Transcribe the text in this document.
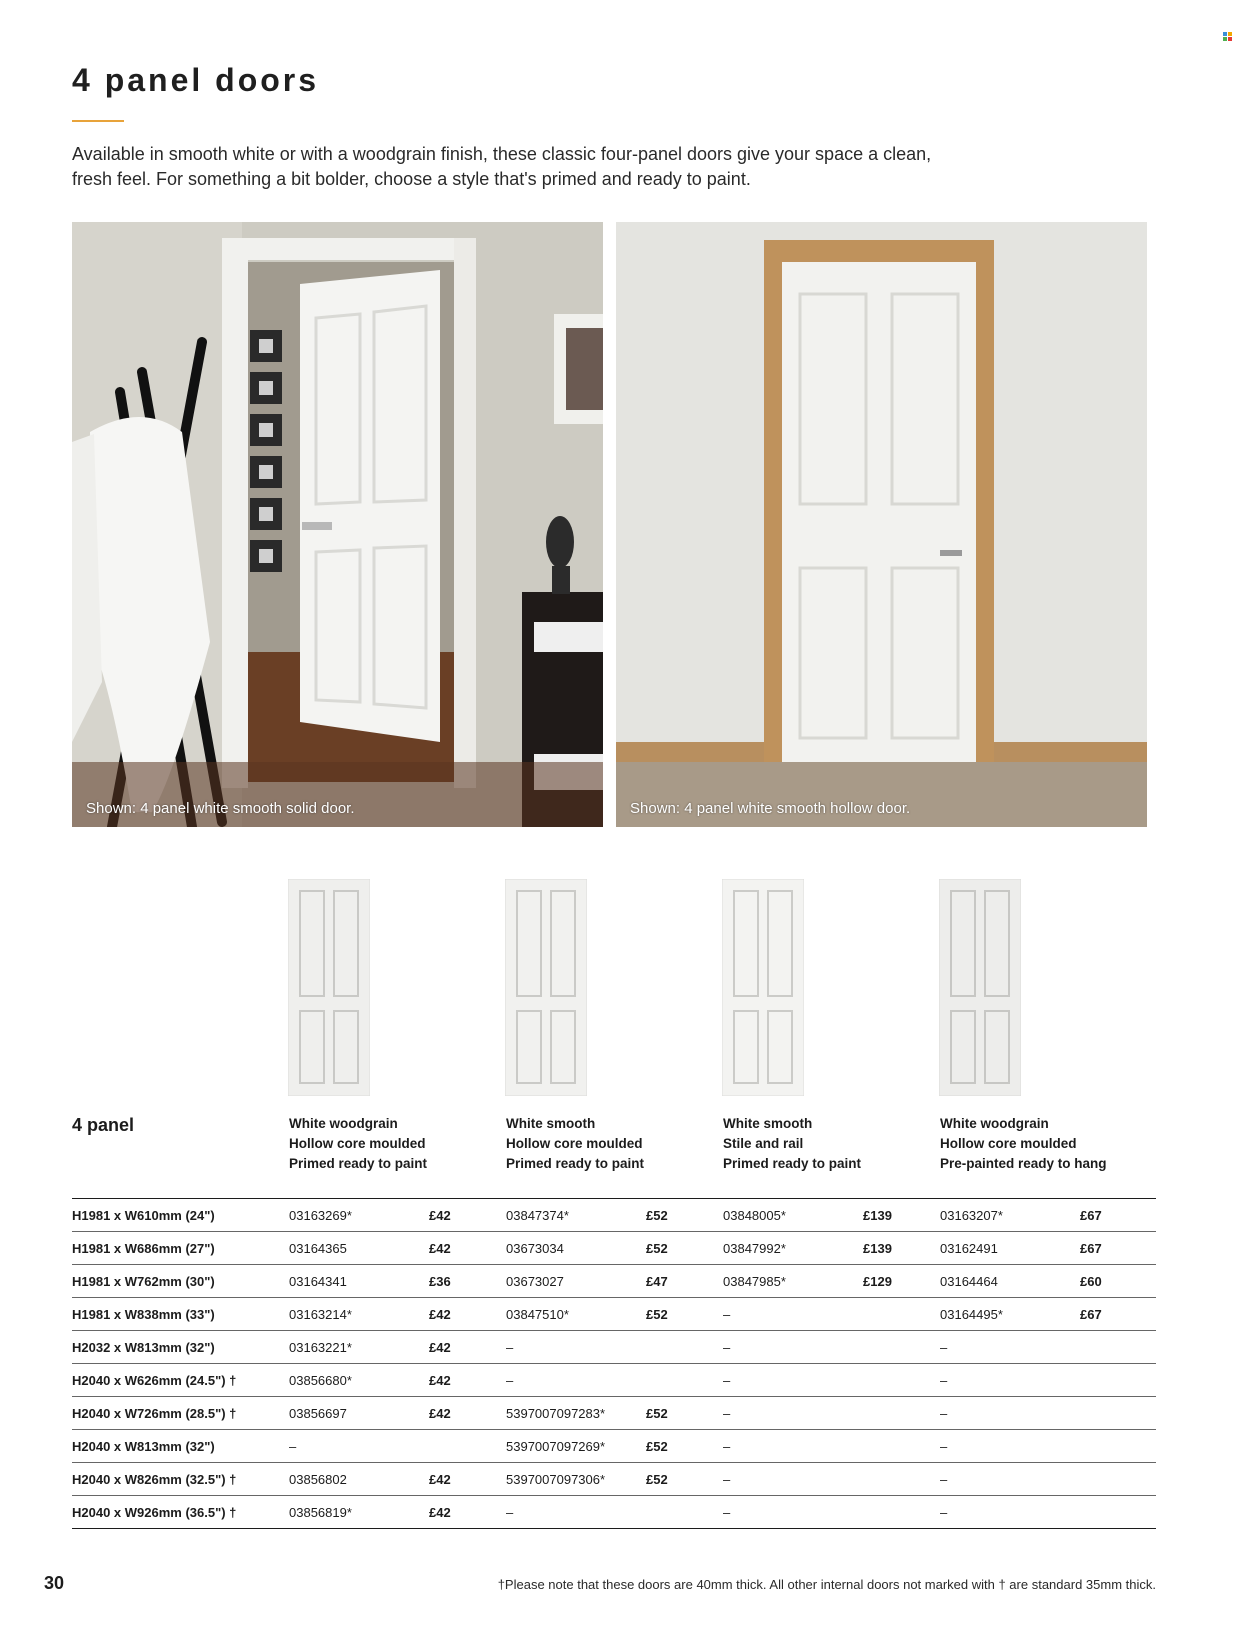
4 panel doors

Available in smooth white or with a woodgrain finish, these classic four-panel doors give your space a clean, fresh feel. For something a bit bolder, choose a style that's primed and ready to paint.

Shown: 4 panel white smooth solid door.	Shown: 4 panel white smooth hollow door.
4 panel	White woodgrain
Hollow core moulded
Primed ready to paint
White smooth
Hollow core moulded
Primed ready to paint
White smooth
Stile and rail
Primed ready to paint
White woodgrain
Hollow core moulded
Pre-painted ready to hang
H1981 x W610mm (24")	03163269*	£42	03847374*	£52	03848005*	£139	03163207*	£67
H1981 x W686mm (27")	03164365	£42	03673034	£52	03847992*	£139	03162491	£67
H1981 x W762mm (30")	03164341	£36	03673027	£47	03847985*	£129	03164464	£60
H1981 x W838mm (33")	03163214*	£42	03847510*	£52	–	03164495*	£67
H2032 x W813mm (32")	03163221*	£42	–	–	–
H2040 x W626mm (24.5") †	03856680*	£42	–	–	–
H2040 x W726mm (28.5") †	03856697	£42	5397007097283*	£52	–	–
H2040 x W813mm (32")	–	5397007097269*	£52	–	–
H2040 x W826mm (32.5") †	03856802	£42	5397007097306*	£52	–	–
H2040 x W926mm (36.5") †	03856819*	£42	–	–	–
30	†Please note that these doors are 40mm thick. All other internal doors not marked with † are standard 35mm thick.
